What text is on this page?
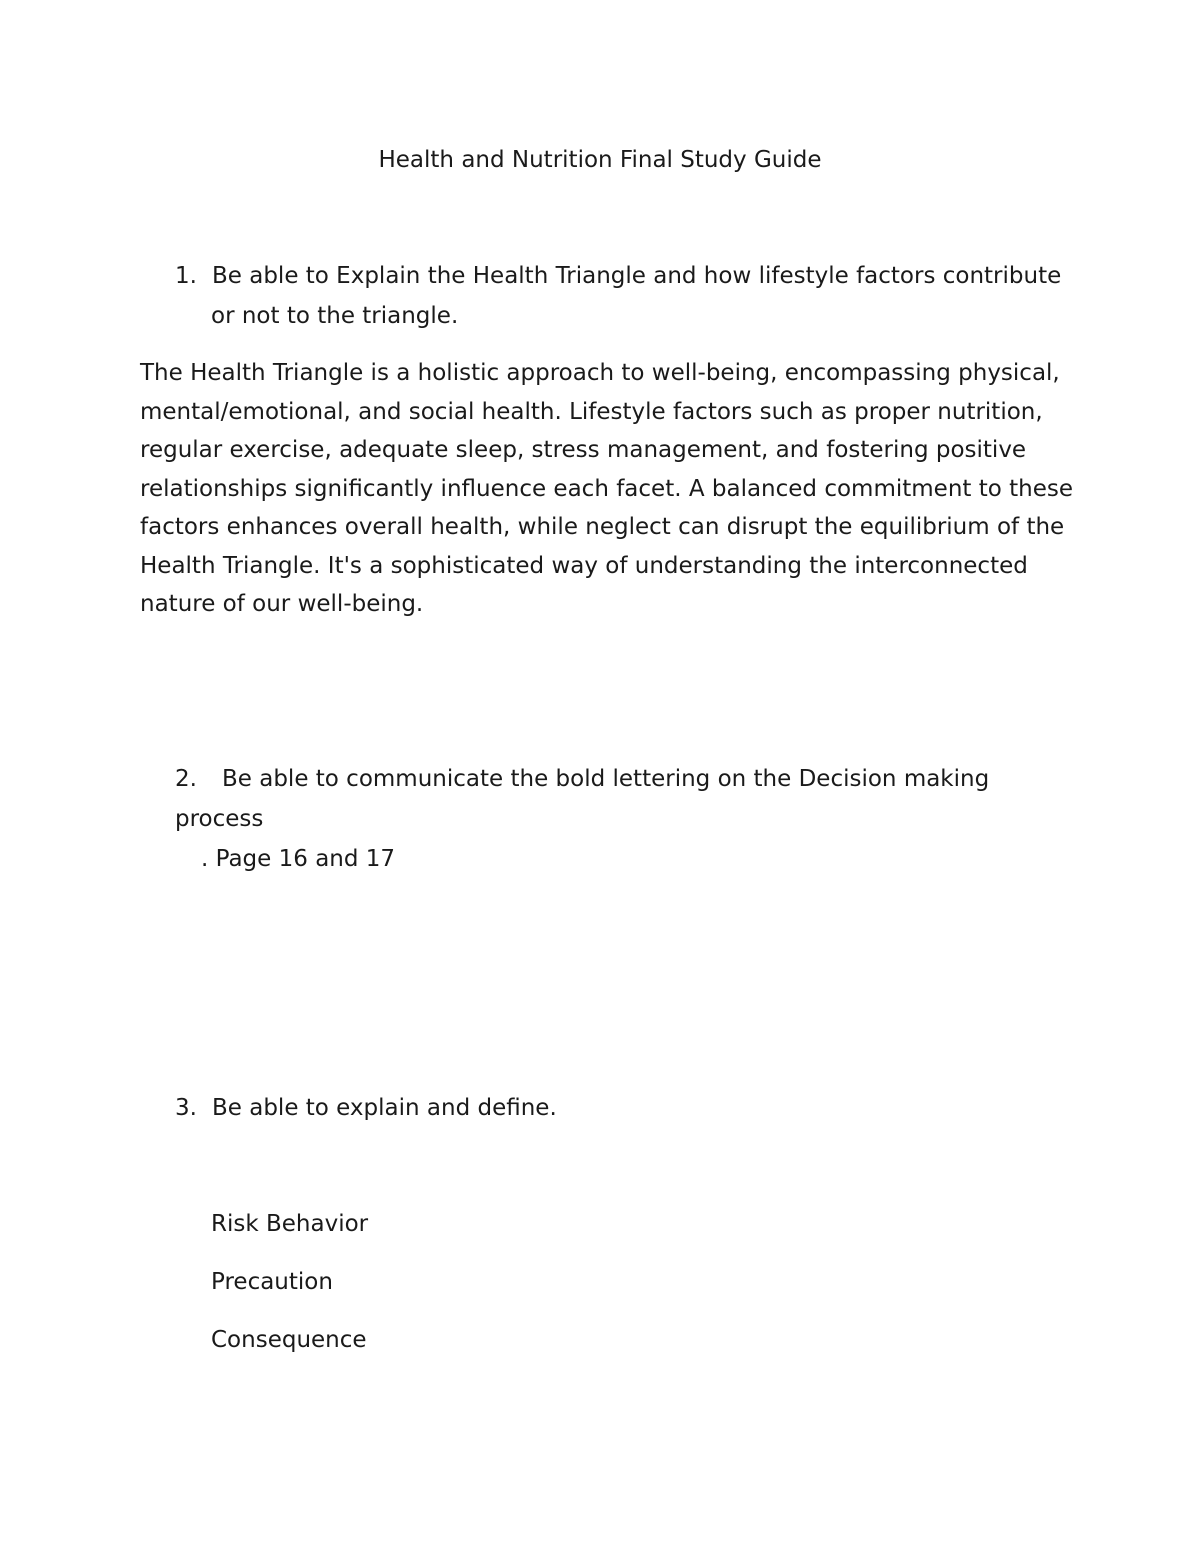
Health and Nutrition Final Study Guide
1. Be able to Explain the Health Triangle and how lifestyle factors contribute
or not to the triangle.
The Health Triangle is a holistic approach to well-being, encompassing physical,
mental/emotional, and social health. Lifestyle factors such as proper nutrition,
regular exercise, adequate sleep, stress management, and fostering positive
relationships significantly influence each facet. A balanced commitment to these
factors enhances overall health, while neglect can disrupt the equilibrium of the
Health Triangle. It's a sophisticated way of understanding the interconnected
nature of our well-being.
2. Be able to communicate the bold lettering on the Decision making process
. Page 16 and 17
3. Be able to explain and define.
Risk Behavior
Precaution
Consequence
